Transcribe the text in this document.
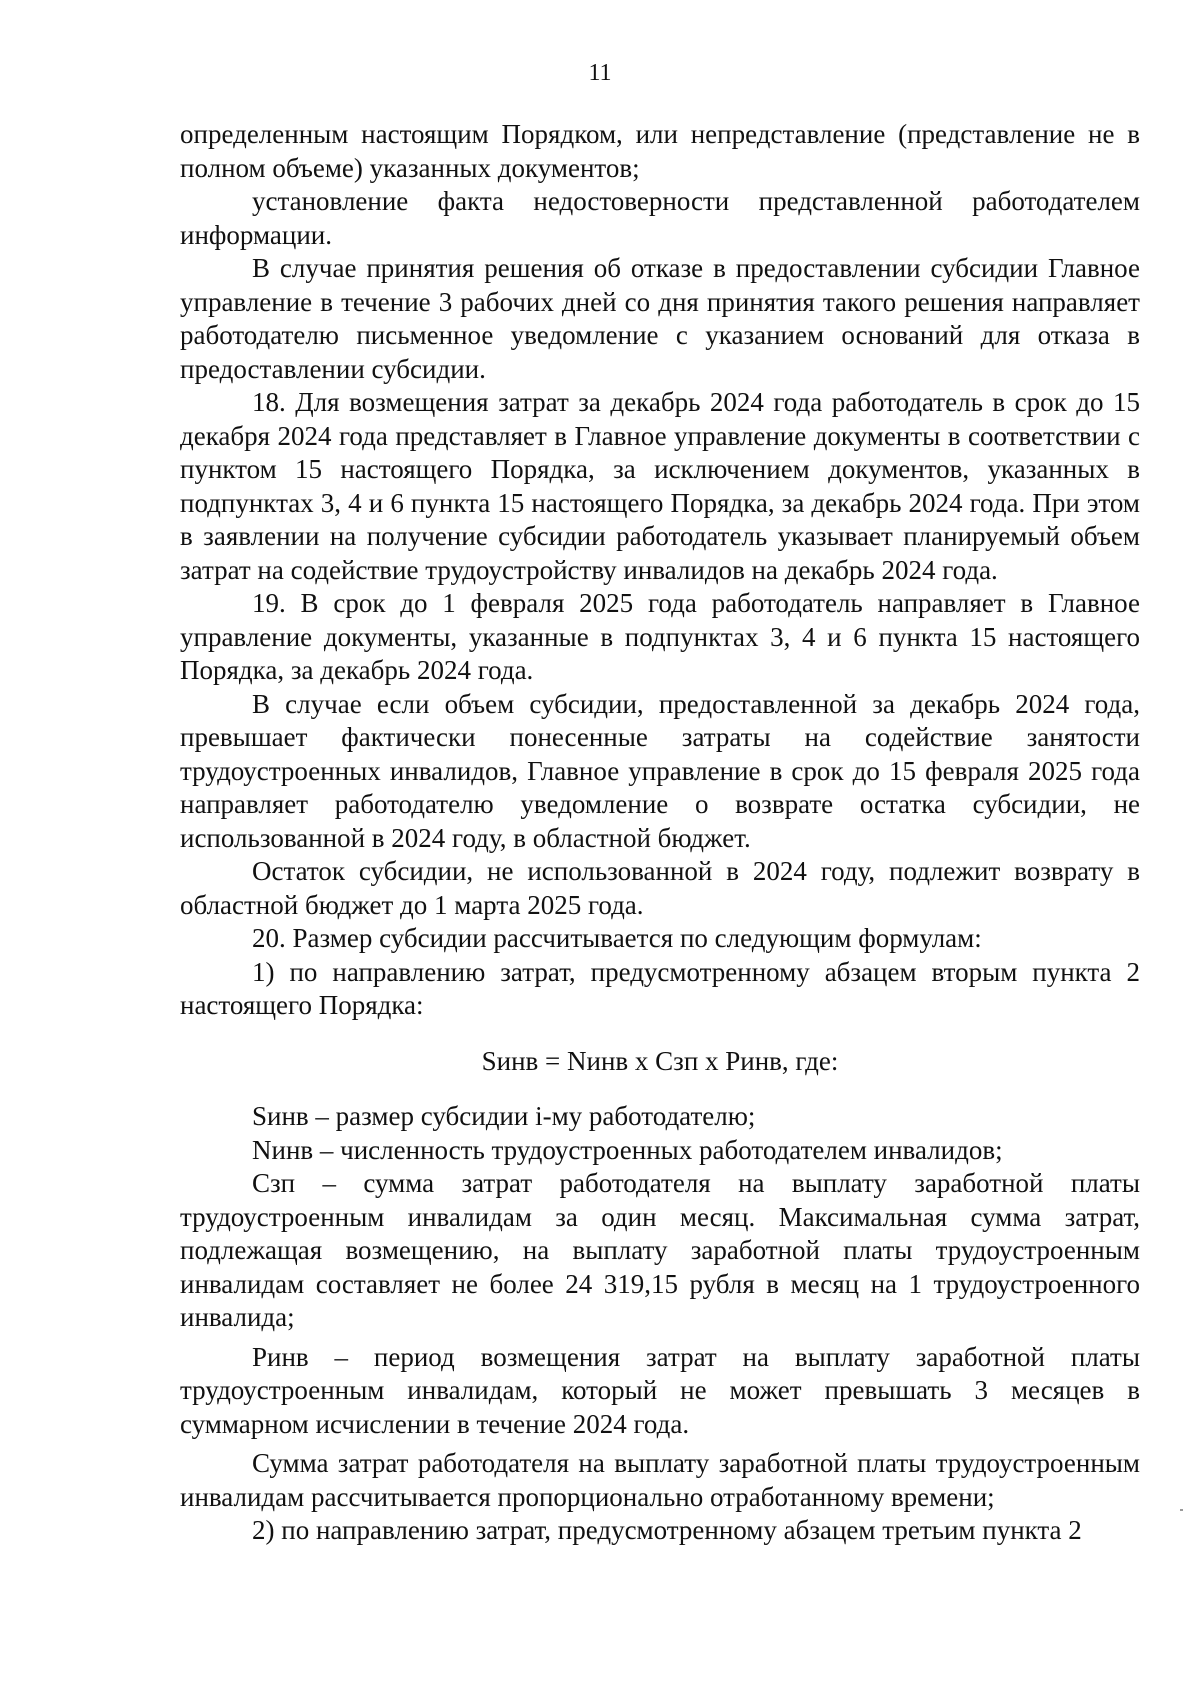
11

определенным настоящим Порядком, или непредставление (представление не в полном объеме) указанных документов;

установление факта недостоверности представленной работодателем информации.

В случае принятия решения об отказе в предоставлении субсидии Главное управление в течение 3 рабочих дней со дня принятия такого решения направляет работодателю письменное уведомление с указанием оснований для отказа в предоставлении субсидии.

18. Для возмещения затрат за декабрь 2024 года работодатель в срок до 15 декабря 2024 года представляет в Главное управление документы в соответствии с пунктом 15 настоящего Порядка, за исключением документов, указанных в подпунктах 3, 4 и 6 пункта 15 настоящего Порядка, за декабрь 2024 года. При этом в заявлении на получение субсидии работодатель указывает планируемый объем затрат на содействие трудоустройству инвалидов на декабрь 2024 года.

19. В срок до 1 февраля 2025 года работодатель направляет в Главное управление документы, указанные в подпунктах 3, 4 и 6 пункта 15 настоящего Порядка, за декабрь 2024 года.

В случае если объем субсидии, предоставленной за декабрь 2024 года, превышает фактически понесенные затраты на содействие занятости трудоустроенных инвалидов, Главное управление в срок до 15 февраля 2025 года направляет работодателю уведомление о возврате остатка субсидии, не использованной в 2024 году, в областной бюджет.

Остаток субсидии, не использованной в 2024 году, подлежит возврату в областной бюджет до 1 марта 2025 года.

20. Размер субсидии рассчитывается по следующим формулам:

1) по направлению затрат, предусмотренному абзацем вторым пункта 2 настоящего Порядка:

Sинв = Nинв х Сзп х Ринв, где:

Sинв – размер субсидии i-му работодателю;

Nинв – численность трудоустроенных работодателем инвалидов;

Сзп – сумма затрат работодателя на выплату заработной платы трудоустроенным инвалидам за один месяц. Максимальная сумма затрат, подлежащая возмещению, на выплату заработной платы трудоустроенным инвалидам составляет не более 24 319,15 рубля в месяц на 1 трудоустроенного инвалида;

Ринв – период возмещения затрат на выплату заработной платы трудоустроенным инвалидам, который не может превышать 3 месяцев в суммарном исчислении в течение 2024 года.

Сумма затрат работодателя на выплату заработной платы трудоустроенным инвалидам рассчитывается пропорционально отработанному времени;

2) по направлению затрат, предусмотренному абзацем третьим пункта 2
